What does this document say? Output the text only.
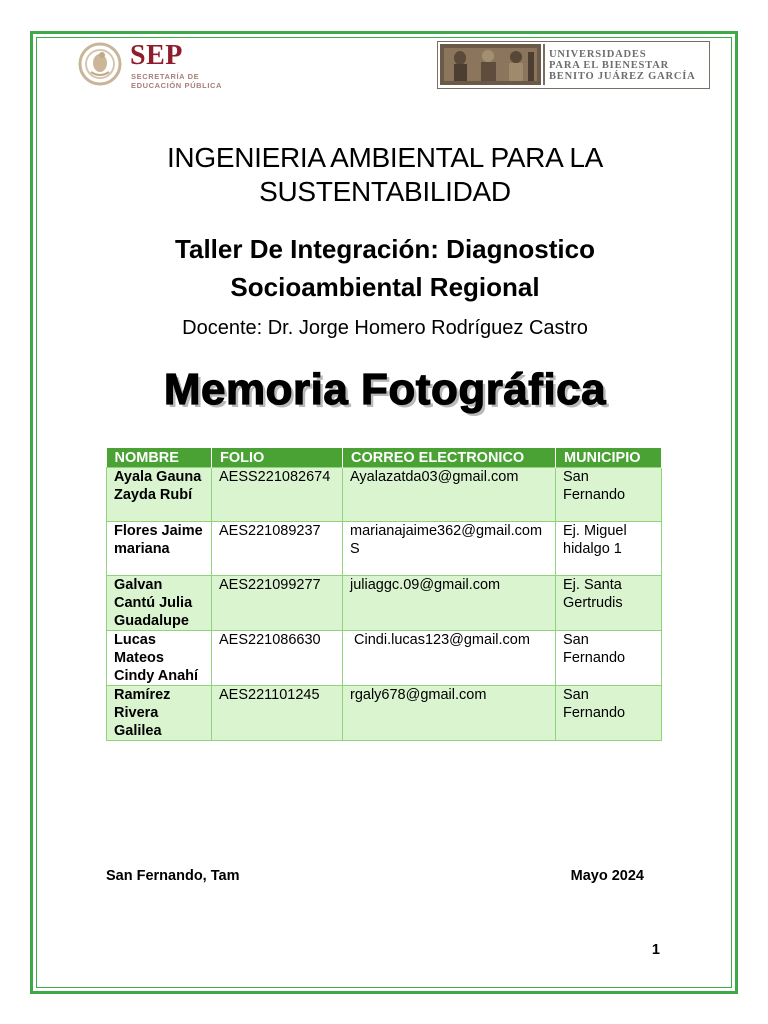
SEP
SECRETARÍA DE
EDUCACIÓN PÚBLICA
UNIVERSIDADES
PARA EL BIENESTAR
BENITO JUÁREZ GARCÍA
INGENIERIA AMBIENTAL PARA LA
SUSTENTABILIDAD
Taller De Integración: Diagnostico
Socioambiental Regional
Docente: Dr. Jorge Homero Rodríguez Castro
Memoria Fotográfica
NOMBRE	FOLIO	CORREO ELECTRONICO	MUNICIPIO
Ayala Gauna Zayda Rubí	AESS221082674	Ayalazatda03@gmail.com	San Fernando
Flores Jaime mariana	AES221089237	marianajaime362@gmail.com S	Ej. Miguel hidalgo 1
Galvan Cantú Julia Guadalupe	AES221099277	juliaggc.09@gmail.com	Ej. Santa Gertrudis
Lucas Mateos Cindy Anahí	AES221086630	Cindi.lucas123@gmail.com	San Fernando
Ramírez Rivera Galilea	AES221101245	rgaly678@gmail.com	San Fernando
San Fernando, Tam	Mayo 2024
1
